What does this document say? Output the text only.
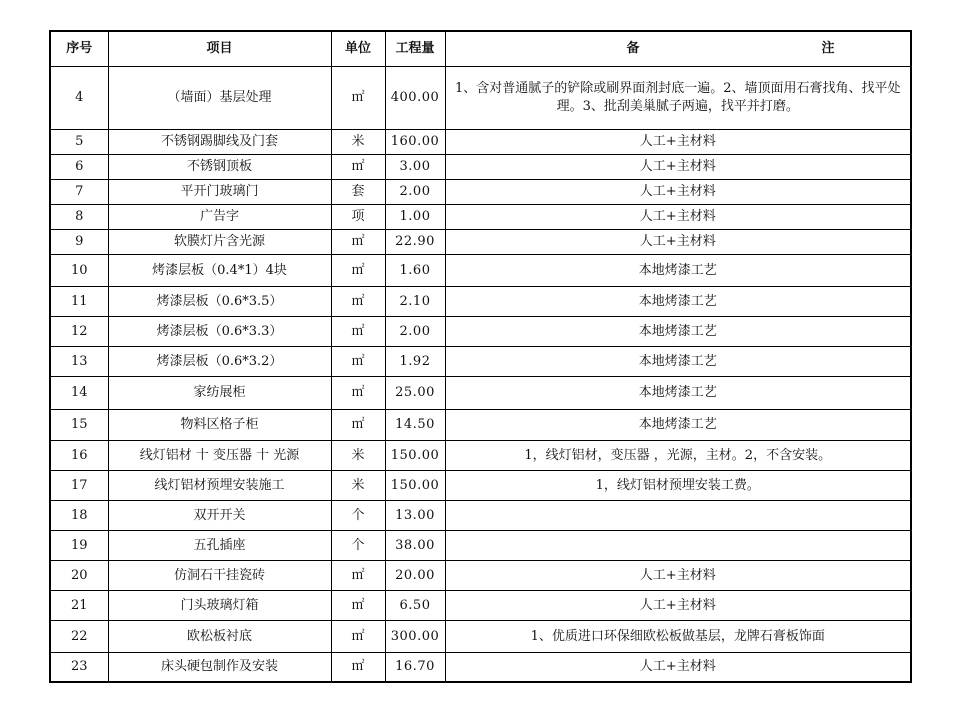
序号	项目	单位	工程量	备 注

4	（墙面）基层处理	㎡	400.00	1、含对普通腻子的铲除或刷界面剂封底一遍。2、墙顶面用石膏找角、找平处理。3、批刮美巢腻子两遍，找平并打磨。
5	不锈钢踢脚线及门套	米	160.00	人工+主材料
6	不锈钢顶板	㎡	3.00	人工+主材料
7	平开门玻璃门	套	2.00	人工+主材料
8	广告字	项	1.00	人工+主材料
9	软膜灯片含光源	㎡	22.90	人工+主材料
10	烤漆层板（0.4*1）4块	㎡	1.60	本地烤漆工艺
11	烤漆层板（0.6*3.5）	㎡	2.10	本地烤漆工艺
12	烤漆层板（0.6*3.3）	㎡	2.00	本地烤漆工艺
13	烤漆层板（0.6*3.2）	㎡	1.92	本地烤漆工艺
14	家纺展柜	㎡	25.00	本地烤漆工艺
15	物料区格子柜	㎡	14.50	本地烤漆工艺
16	线灯铝材 十 变压器 十 光源	米	150.00	1，线灯铝材，变压器 ，光源，主材。2，不含安装。
17	线灯铝材预埋安装施工	米	150.00	1，线灯铝材预埋安装工费。
18	双开开关	个	13.00	
19	五孔插座	个	38.00	
20	仿洞石干挂瓷砖	㎡	20.00	人工+主材料
21	门头玻璃灯箱	㎡	6.50	人工+主材料
22	欧松板衬底	㎡	300.00	1、优质进口环保细欧松板做基层，龙牌石膏板饰面
23	床头硬包制作及安装	㎡	16.70	人工+主材料
